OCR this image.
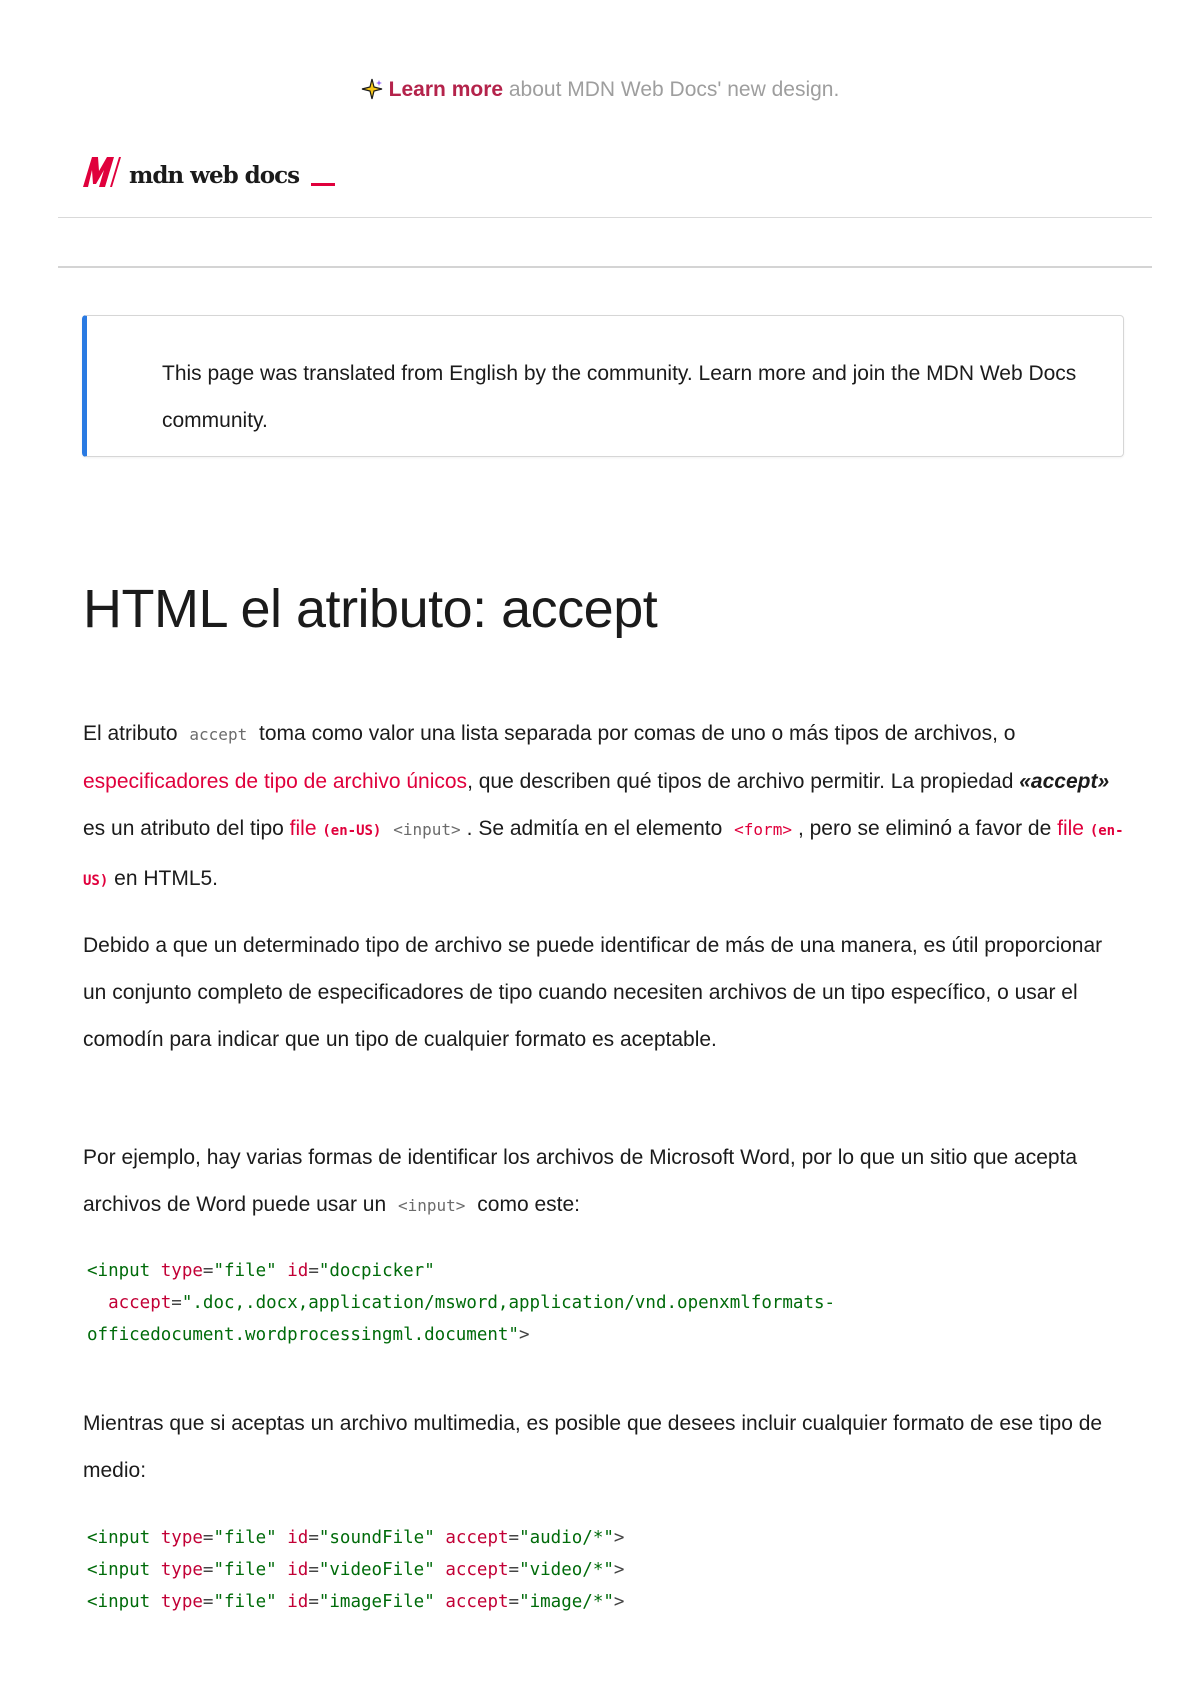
Learn more about MDN Web Docs' new design.
mdn web docs

This page was translated from English by the community. Learn more and join the MDN Web Docs community.

HTML el atributo: accept

El atributo accept toma como valor una lista separada por comas de uno o más tipos de archivos, o especificadores de tipo de archivo únicos, que describen qué tipos de archivo permitir. La propiedad «accept» es un atributo del tipo file (en-US) <input> . Se admitía en el elemento <form> , pero se eliminó a favor de file (en-US) en HTML5.

Debido a que un determinado tipo de archivo se puede identificar de más de una manera, es útil proporcionar un conjunto completo de especificadores de tipo cuando necesiten archivos de un tipo específico, o usar el comodín para indicar que un tipo de cualquier formato es aceptable.

Por ejemplo, hay varias formas de identificar los archivos de Microsoft Word, por lo que un sitio que acepta archivos de Word puede usar un <input> como este:

<input type="file" id="docpicker"
accept=".doc,.docx,application/msword,application/vnd.openxmlformats-
officedocument.wordprocessingml.document">

Mientras que si aceptas un archivo multimedia, es posible que desees incluir cualquier formato de ese tipo de medio:

<input type="file" id="soundFile" accept="audio/*">
<input type="file" id="videoFile" accept="video/*">
<input type="file" id="imageFile" accept="image/*">
